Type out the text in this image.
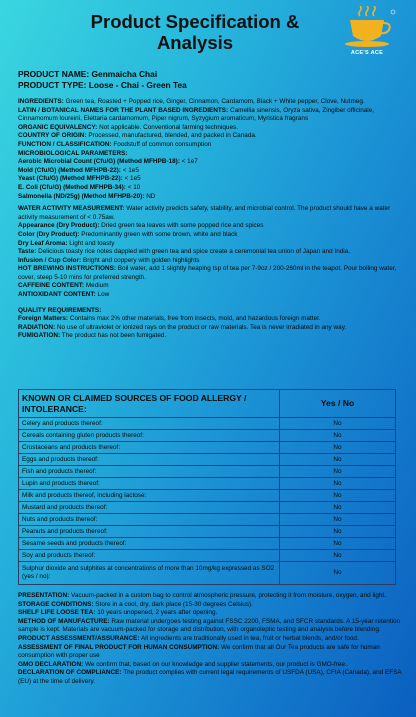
Product Specification &
Analysis	ACE'S ACE

PRODUCT NAME: Genmaicha Chai

PRODUCT TYPE: Loose - Chai - Green Tea

INGREDIENTS: Green tea, Roasted + Popped rice, Ginger, Cinnamon, Cardamom, Black + White pepper, Clove, Nutmeg.

LATIN / BOTANICAL NAMES FOR THE PLANT BASED INGREDIENTS: Camellia sinensis, Oryza sativa, Zingiber officinale, Cinnamomum loureirii, Elettaria cardamomum, Piper nigrum, Syzygium aromaticum, Myristica fragrans

ORGANIC EQUIVALENCY: Not applicable. Conventional farming techniques.

COUNTRY OF ORIGIN: Processed, manufactured, blended, and packed in Canada.

FUNCTION / CLASSIFICATION: Foodstuff of common consumption

MICROBIOLOGICAL PARAMETERS:

Aerobic Microbial Count (Cfu/G) (Method MFHPB-18): < 1e7

Mold (Cfu/G) (Method MFHPB-22): < 1e5

Yeast (Cfu/G) (Method MFHPB-22): < 1e5

E. Coli (Cfu/G) (Method MFHPB-34): < 10

Salmonella (ND/25g) (Method MFHPB-20): ND

WATER ACTIVITY MEASUREMENT: Water activity predicts safety, stability, and microbial control. The product should have a water activity measurement of < 0.75aw.

Appearance (Dry Product): Dried green tea leaves with some popped rice and spices

Color (Dry Product): Predominantly green with some brown, white and black

Dry Leaf Aroma: Light and toasty

Taste: Delicious toasty rice notes dappled with green tea and spice create a ceremonial tea union of Japan and India.

Infusion / Cup Color: Bright and coppery with golden highlights

HOT BREWING INSTRUCTIONS: Boil water, add 1 slightly heaping tsp of tea per 7-9oz / 200-260ml in the teapot. Pour boiling water, cover, steep 5-10 mins for preferred strength.

CAFFEINE CONTENT: Medium

ANTIOXIDANT CONTENT: Low

QUALITY REQUIREMENTS:

Foreign Matters: Contains max 2% other materials, free from insects, mold, and hazardous foreign matter.

RADIATION: No use of ultraviolet or ionized rays on the product or raw materials. Tea is never irradiated in any way.

FUMIGATION: The product has not been fumigated.

KNOWN OR CLAIMED SOURCES OF FOOD ALLERGY / INTOLERANCE:	Yes / No
Celery and products thereof:	No
Cereals containing gluten products thereof:	No
Crustaceans and products thereof:	No
Eggs and products thereof:	No
Fish and products thereof:	No
Lupin and products thereof:	No
Milk and products thereof, including lactose:	No
Mustard and products thereof:	No
Nuts and products thereof:	No
Peanuts and products thereof:	No
Sesame seeds and products thereof:	No
Soy and products thereof:	No
Sulphur dioxide and sulphites at concentrations of more than 10mg/kg expressed as SO2 (yes / no):	No

PRESENTATION: Vacuum-packed in a custom bag to control atmospheric pressure, protecting it from moisture, oxygen, and light.

STORAGE CONDITIONS: Store in a cool, dry, dark place (15-30 degrees Celsius).

SHELF LIFE LOOSE TEA: 10 years unopened, 2 years after opening.

METHOD OF MANUFACTURE: Raw material undergoes testing against FSSC 2200, FSMA, and SFCR standards. A 15-year retention sample is kept. Materials are vacuum-packed for storage and distribution, with organoleptic testing and analysis before blending.

PRODUCT ASSESSMENT/ASSURANCE: All ingredients are traditionally used in tea, fruit or herbal blends, and/or food.

ASSESSMENT OF FINAL PRODUCT FOR HUMAN CONSUMPTION: We confirm that all Our Tea products are safe for human consumption with proper use

GMO DECLARATION: We confirm that, based on our knowledge and supplier statements, our product is GMO-free..

DECLARATION OF COMPLIANCE: The product complies with current legal requirements of USFDA (USA), CFIA (Canada), and EFSA (EU) at the time of delivery.
